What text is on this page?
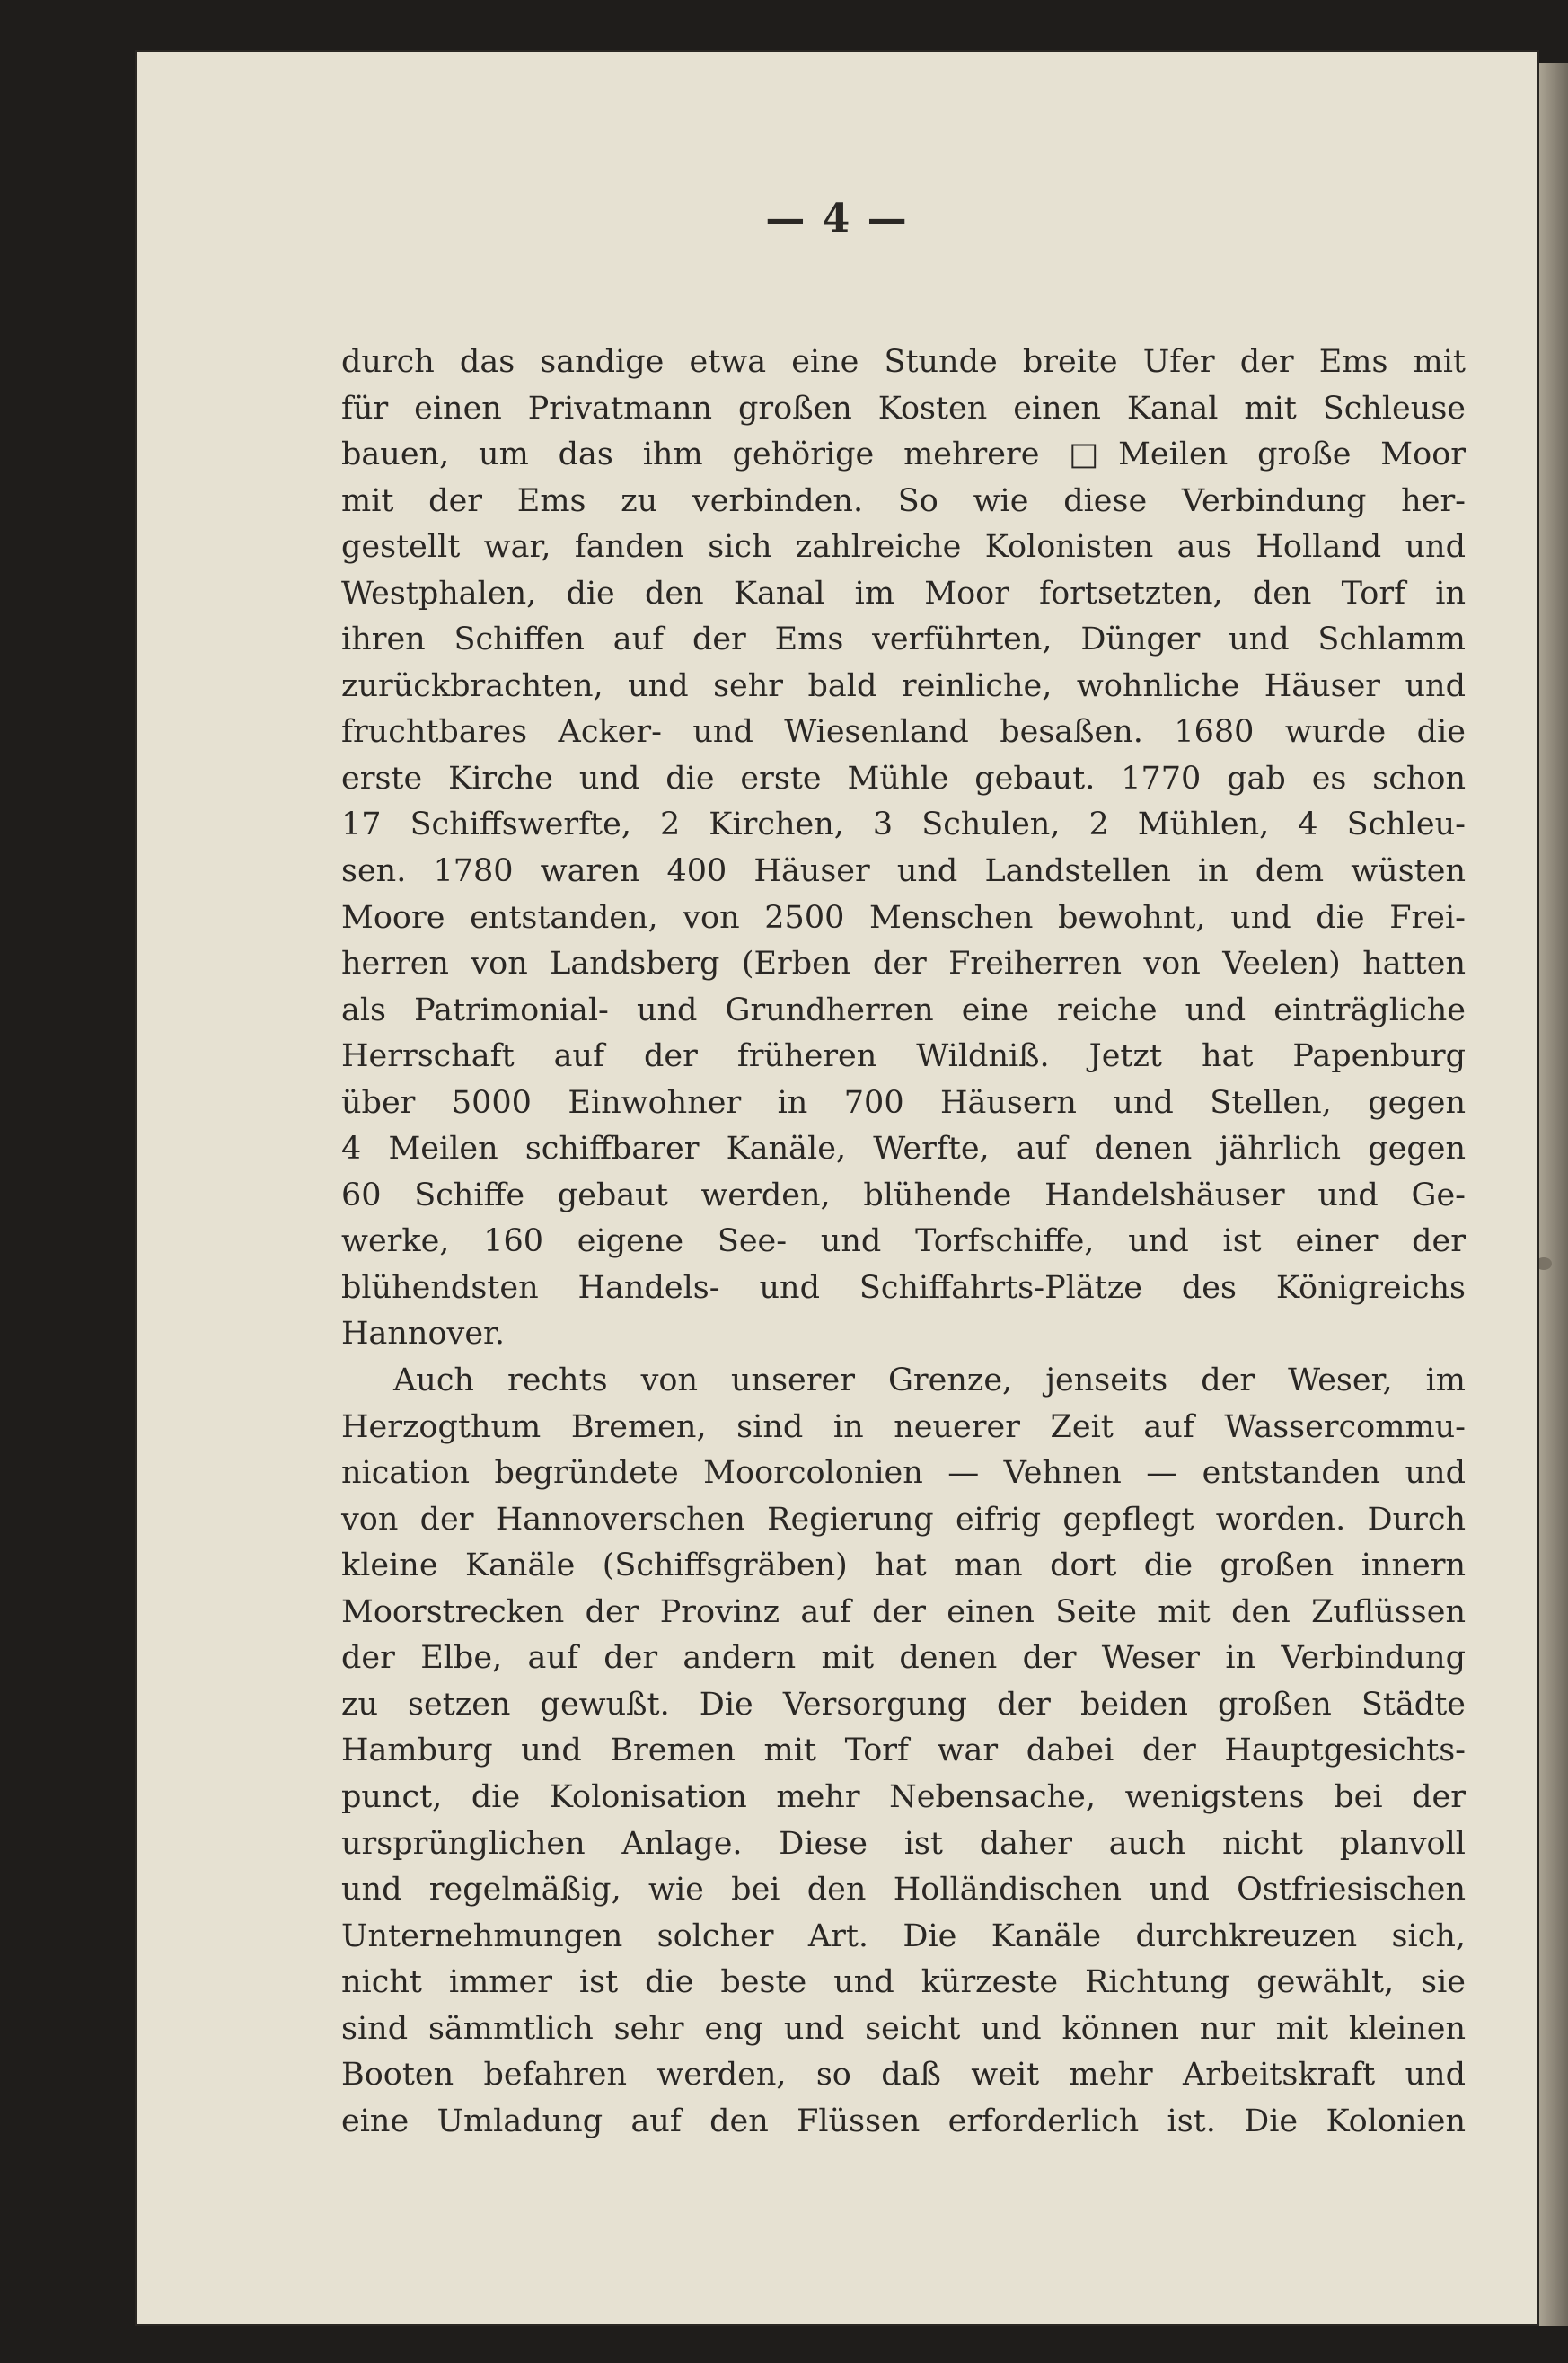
— 4 —
durch das sandige etwa eine Stunde breite Ufer der Ems mit
für einen Privatmann großen Kosten einen Kanal mit Schleuse
bauen, um das ihm gehörige mehrere □Meilen große Moor
mit der Ems zu verbinden. So wie diese Verbindung her-
gestellt war, fanden sich zahlreiche Kolonisten aus Holland und
Westphalen, die den Kanal im Moor fortsetzten, den Torf in
ihren Schiffen auf der Ems verführten, Dünger und Schlamm
zurückbrachten, und sehr bald reinliche, wohnliche Häuser und
fruchtbares Acker- und Wiesenland besaßen. 1680 wurde die
erste Kirche und die erste Mühle gebaut. 1770 gab es schon
17 Schiffswerfte, 2 Kirchen, 3 Schulen, 2 Mühlen, 4 Schleu-
sen. 1780 waren 400 Häuser und Landstellen in dem wüsten
Moore entstanden, von 2500 Menschen bewohnt, und die Frei-
herren von Landsberg (Erben der Freiherren von Veelen) hatten
als Patrimonial- und Grundherren eine reiche und einträgliche
Herrschaft auf der früheren Wildniß. Jetzt hat Papenburg
über 5000 Einwohner in 700 Häusern und Stellen, gegen
4 Meilen schiffbarer Kanäle, Werfte, auf denen jährlich gegen
60 Schiffe gebaut werden, blühende Handelshäuser und Ge-
werke, 160 eigene See- und Torfschiffe, und ist einer der
blühendsten Handels- und Schiffahrts-Plätze des Königreichs
Hannover.
Auch rechts von unserer Grenze, jenseits der Weser, im
Herzogthum Bremen, sind in neuerer Zeit auf Wassercommu-
nication begründete Moorcolonien — Vehnen — entstanden und
von der Hannoverschen Regierung eifrig gepflegt worden. Durch
kleine Kanäle (Schiffsgräben) hat man dort die großen innern
Moorstrecken der Provinz auf der einen Seite mit den Zuflüssen
der Elbe, auf der andern mit denen der Weser in Verbindung
zu setzen gewußt. Die Versorgung der beiden großen Städte
Hamburg und Bremen mit Torf war dabei der Hauptgesichts-
punct, die Kolonisation mehr Nebensache, wenigstens bei der
ursprünglichen Anlage. Diese ist daher auch nicht planvoll
und regelmäßig, wie bei den Holländischen und Ostfriesischen
Unternehmungen solcher Art. Die Kanäle durchkreuzen sich,
nicht immer ist die beste und kürzeste Richtung gewählt, sie
sind sämmtlich sehr eng und seicht und können nur mit kleinen
Booten befahren werden, so daß weit mehr Arbeitskraft und
eine Umladung auf den Flüssen erforderlich ist. Die Kolonien
